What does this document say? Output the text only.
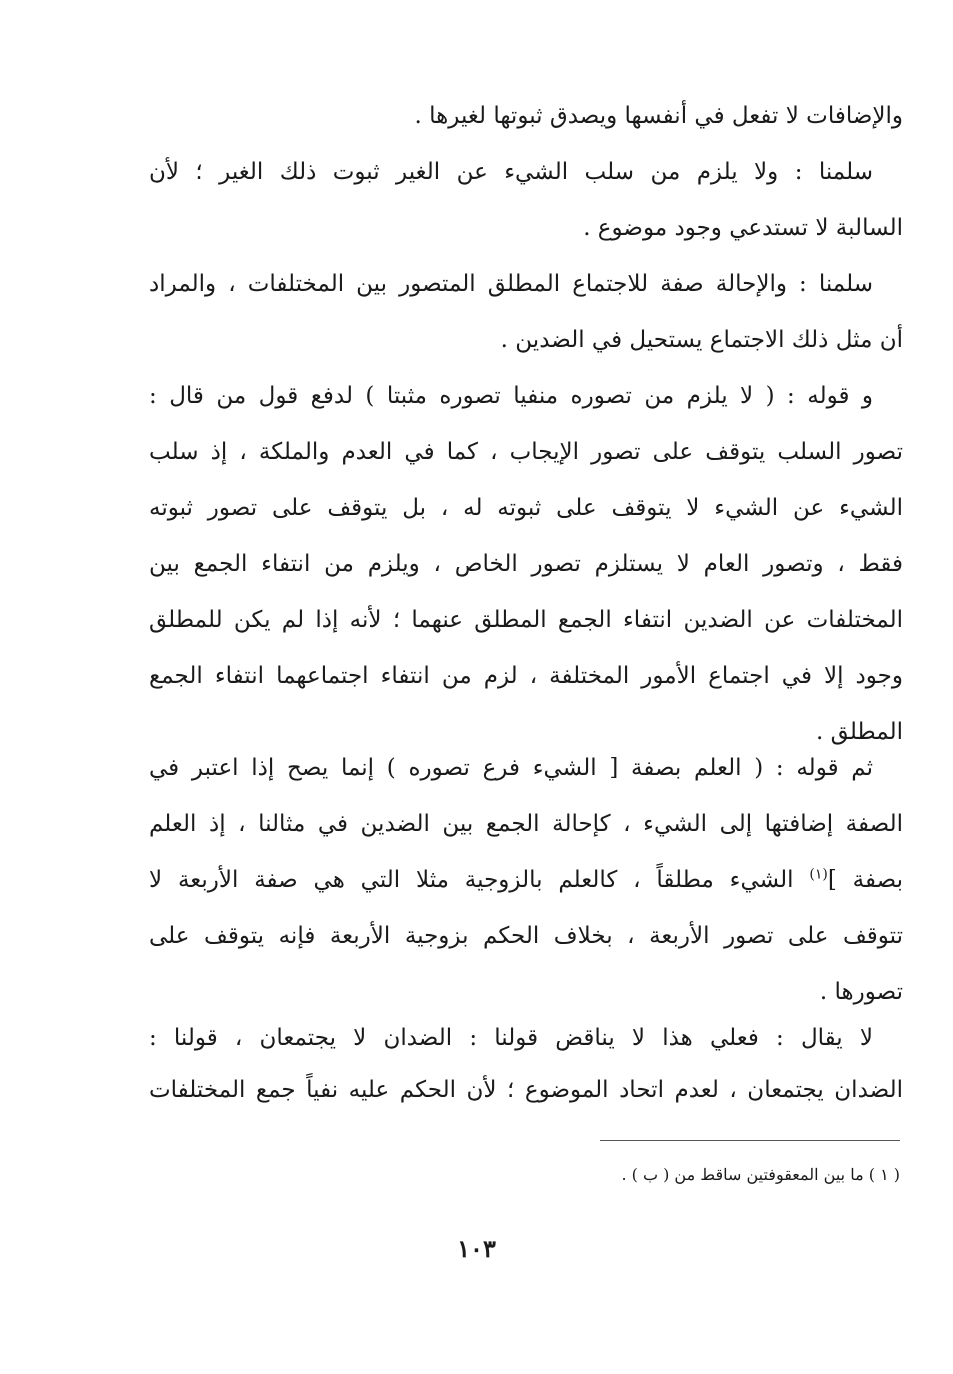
والإضافات لا تفعل في أنفسها ويصدق ثبوتها لغيرها .
سلمنا : ولا يلزم من سلب الشيء عن الغير ثبوت ذلك الغير ؛ لأن
السالبة لا تستدعي وجود موضوع .
سلمنا : والإحالة صفة للاجتماع المطلق المتصور بين المختلفات ، والمراد
أن مثل ذلك الاجتماع يستحيل في الضدين .
و قوله : ( لا يلزم من تصوره منفيا تصوره مثبتا ) لدفع قول من قال :
تصور السلب يتوقف على تصور الإيجاب ، كما في العدم والملكة ، إذ سلب
الشيء عن الشيء لا يتوقف على ثبوته له ، بل يتوقف على تصور ثبوته
فقط ، وتصور العام لا يستلزم تصور الخاص ، ويلزم من انتفاء الجمع بين
المختلفات عن الضدين انتفاء الجمع المطلق عنهما ؛ لأنه إذا لم يكن للمطلق
وجود إلا في اجتماع الأمور المختلفة ، لزم من انتفاء اجتماعهما انتفاء الجمع
المطلق .
ثم قوله : ( العلم بصفة [ الشيء فرع تصوره ) إنما يصح إذا اعتبر في
الصفة إضافتها إلى الشيء ، كإحالة الجمع بين الضدين في مثالنا ، إذ العلم
بصفة ]$^{(١)}$ الشيء مطلقاً ، كالعلم بالزوجية مثلا التي هي صفة الأربعة لا
تتوقف على تصور الأربعة ، بخلاف الحكم بزوجية الأربعة فإنه يتوقف على
تصورها .
لا يقال : فعلي هذا لا يناقض قولنا : الضدان لا يجتمعان ، قولنا :
الضدان يجتمعان ، لعدم اتحاد الموضوع ؛ لأن الحكم عليه نفياً جمع المختلفات
( ١ ) ما بين المعقوفتين ساقط من ( ب ) .
١٠٣
